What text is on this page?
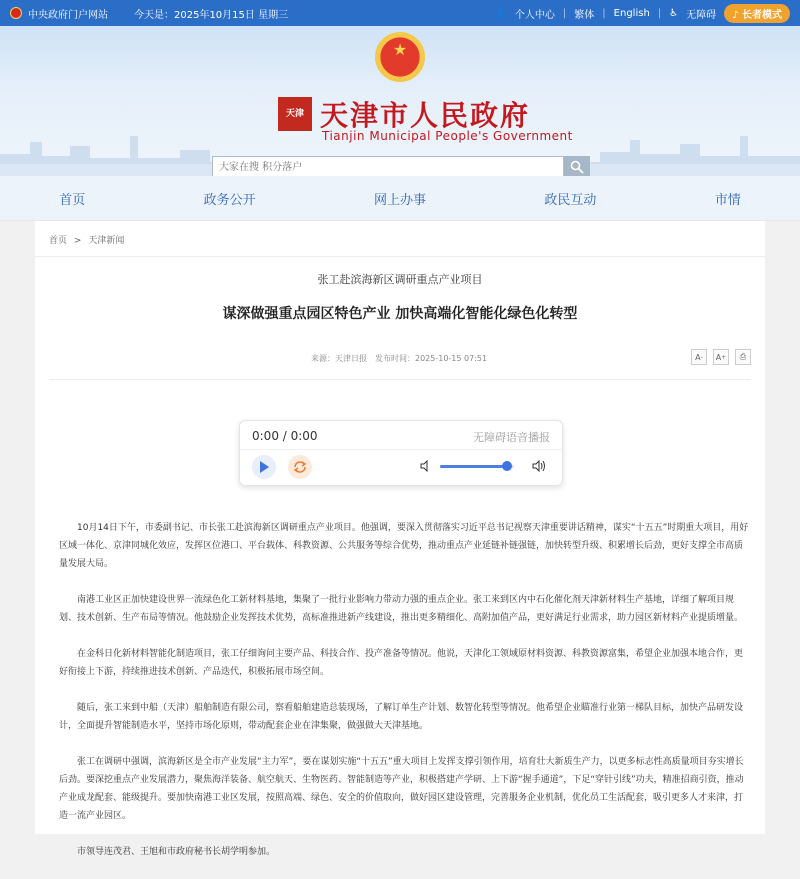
中央政府门户网站	今天是：2025年10月15日 星期三	👤 个人中心 | 繁体 | English | ♿ 无障碍	♪ 长者模式
★
天津 天津市人民政府
Tianjin Municipal People's Government
大家在搜 积分落户
首页	政务公开	网上办事	政民互动	市情
首页 > 天津新闻
张工赴滨海新区调研重点产业项目
谋深做强重点园区特色产业 加快高端化智能化绿色化转型
来源：天津日报　发布时间：2025-10-15 07:51	A -	A +	⎙
0:00 / 0:00	无障碍语音播报

10月14日下午，市委副书记、市长张工赴滨海新区调研重点产业项目。他强调，要深入贯彻落实习近平总书记视察天津重要讲话精神，谋实“十五五”时期重大项目，用好区域一体化、京津同城化效应，发挥区位港口、平台载体、科教资源、公共服务等综合优势，推动重点产业延链补链强链，加快转型升级、积累增长后劲，更好支撑全市高质量发展大局。

南港工业区正加快建设世界一流绿色化工新材料基地，集聚了一批行业影响力带动力强的重点企业。张工来到区内中石化催化剂天津新材料生产基地，详细了解项目规划、技术创新、生产布局等情况。他鼓励企业发挥技术优势，高标准推进新产线建设，推出更多精细化、高附加值产品，更好满足行业需求，助力园区新材料产业提质增量。

在金科日化新材料智能化制造项目，张工仔细询问主要产品、科技合作、投产准备等情况。他说，天津化工领域原材料资源、科教资源富集，希望企业加强本地合作，更好衔接上下游，持续推进技术创新、产品迭代，积极拓展市场空间。

随后，张工来到中船（天津）船舶制造有限公司，察看船舶建造总装现场，了解订单生产计划、数智化转型等情况。他希望企业瞄准行业第一梯队目标，加快产品研发设计，全面提升智能制造水平，坚持市场化原则，带动配套企业在津集聚，做强做大天津基地。

张工在调研中强调，滨海新区是全市产业发展“主力军”，要在谋划实施“十五五”重大项目上发挥支撑引领作用，培育壮大新质生产力，以更多标志性高质量项目夯实增长后劲。要深挖重点产业发展潜力，聚焦海洋装备、航空航天、生物医药、智能制造等产业，积极搭建产学研、上下游“握手通道”，下足“穿针引线”功夫，精准招商引资，推动产业成龙配套、能级提升。要加快南港工业区发展，按照高端、绿色、安全的价值取向，做好园区建设管理，完善服务企业机制，优化员工生活配套，吸引更多人才来津，打造一流产业园区。

市领导连茂君、王旭和市政府秘书长胡学明参加。
